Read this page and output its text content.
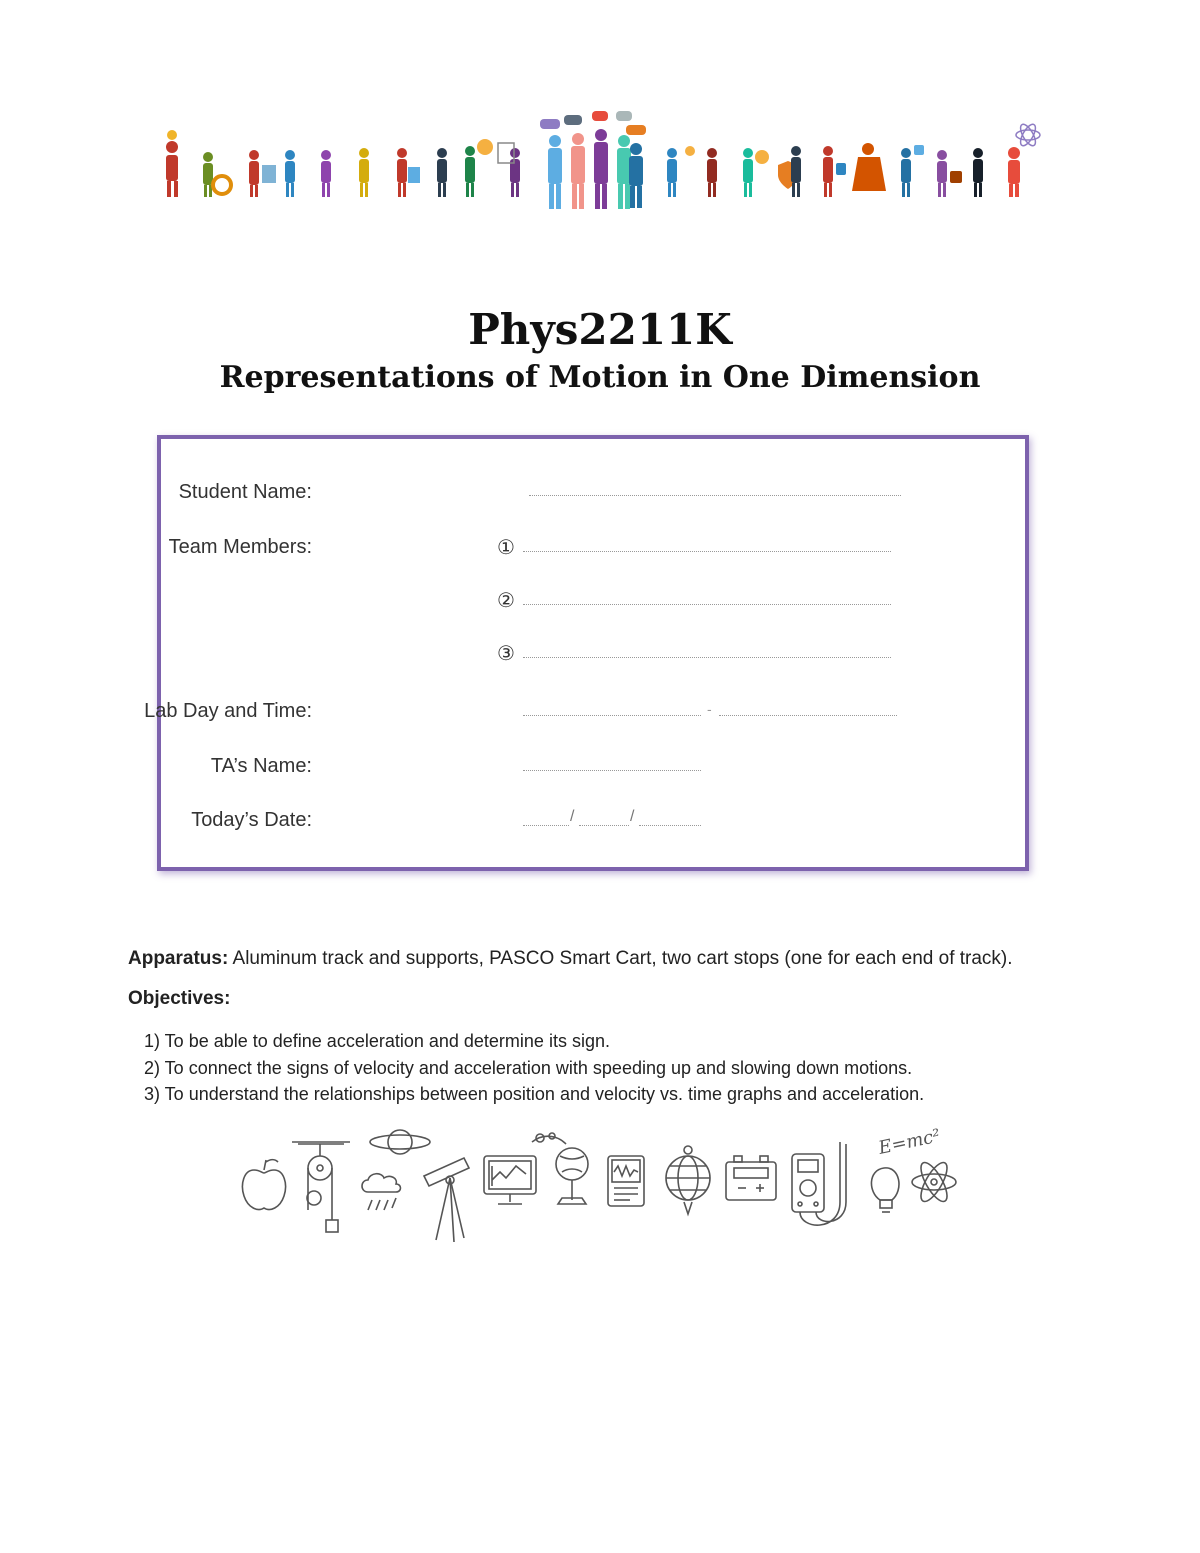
Phys2211K
Representations of Motion in One Dimension
Student Name:
Team Members:	①
②
③
Lab Day and Time:	-
TA’s Name:
Today’s Date:	/	/
Apparatus: Aluminum track and supports, PASCO Smart Cart, two cart stops (one for each end of track).
Objectives:
1) To be able to define acceleration and determine its sign.
2) To connect the signs of velocity and acceleration with speeding up and slowing down motions.
3) To understand the relationships between position and velocity vs. time graphs and acceleration.
E=mc²
